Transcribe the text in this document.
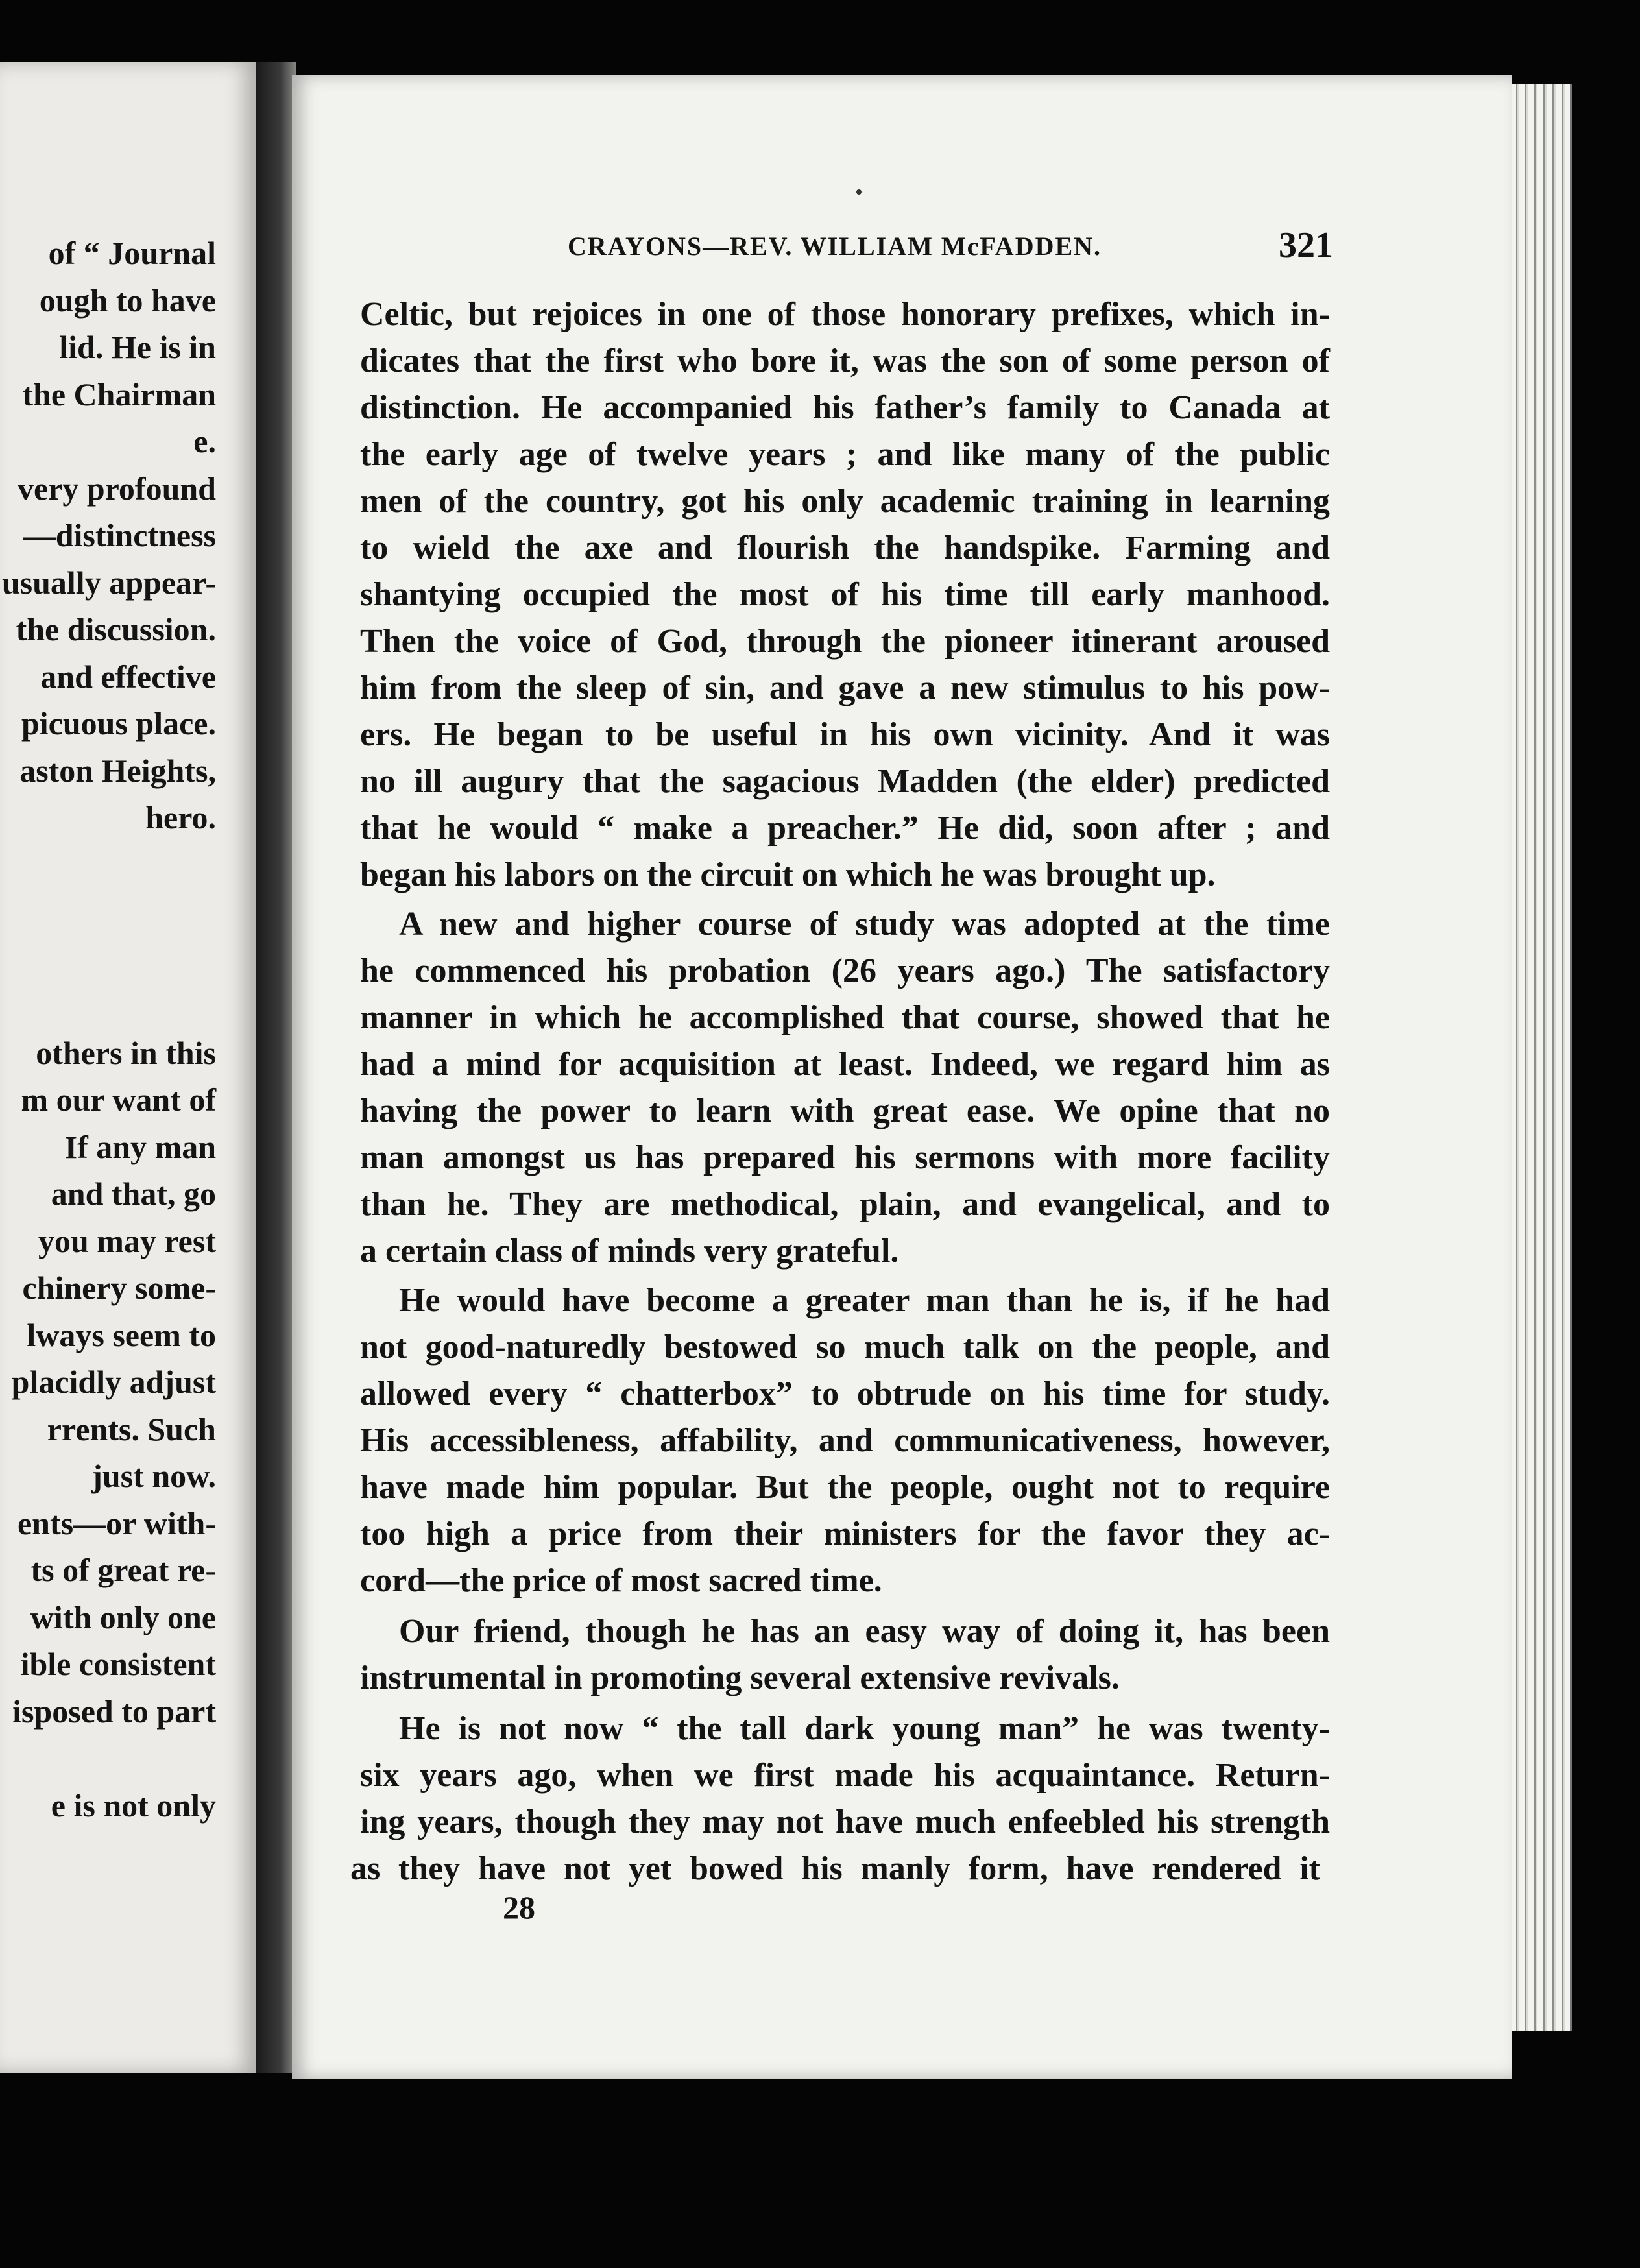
of “ Journal
ough to have
lid. He is in
the Chairman
e.
very profound
—distinctness
usually appear-
the discussion.
and effective
picuous place.
aston Heights,
hero.
others in this
m our want of
If any man
and that, go
you may rest
chinery some-
lways seem to
placidly adjust
rrents. Such
just now.
ents—or with-
ts of great re-
with only one
ible consistent
isposed to part
e is not only
CRAYONS—REV. WILLIAM McFADDEN.	321
Celtic, but rejoices in one of those honorary prefixes, which in-
dicates that the first who bore it, was the son of some person of
distinction. He accompanied his father’s family to Canada at
the early age of twelve years ; and like many of the public
men of the country, got his only academic training in learning
to wield the axe and flourish the handspike. Farming and
shantying occupied the most of his time till early manhood.
Then the voice of God, through the pioneer itinerant aroused
him from the sleep of sin, and gave a new stimulus to his pow-
ers. He began to be useful in his own vicinity. And it was
no ill augury that the sagacious Madden (the elder) predicted
that he would “ make a preacher.” He did, soon after ; and
began his labors on the circuit on which he was brought up.
A new and higher course of study was adopted at the time
he commenced his probation (26 years ago.) The satisfactory
manner in which he accomplished that course, showed that he
had a mind for acquisition at least. Indeed, we regard him as
having the power to learn with great ease. We opine that no
man amongst us has prepared his sermons with more facility
than he. They are methodical, plain, and evangelical, and to
a certain class of minds very grateful.
He would have become a greater man than he is, if he had
not good-naturedly bestowed so much talk on the people, and
allowed every “ chatterbox” to obtrude on his time for study.
His accessibleness, affability, and communicativeness, however,
have made him popular. But the people, ought not to require
too high a price from their ministers for the favor they ac-
cord—the price of most sacred time.
Our friend, though he has an easy way of doing it, has been
instrumental in promoting several extensive revivals.
He is not now “ the tall dark young man” he was twenty-
six years ago, when we first made his acquaintance. Return-
ing years, though they may not have much enfeebled his strength
as they have not yet bowed his manly form, have rendered it
28
